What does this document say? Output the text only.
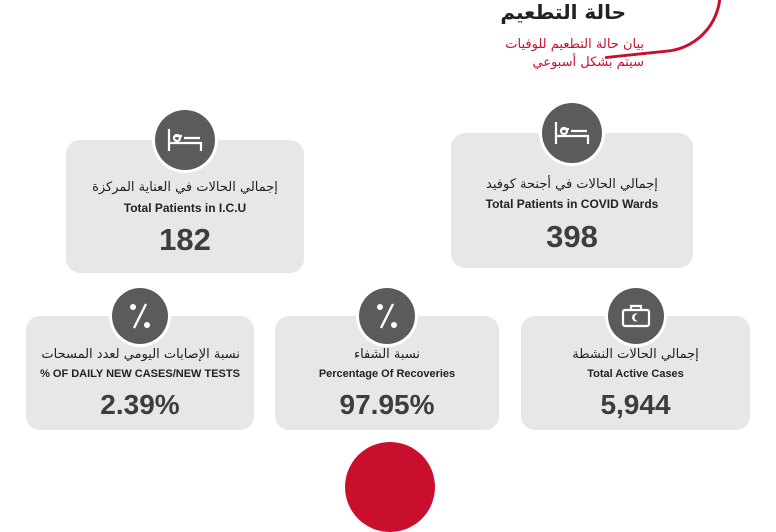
حالة التطعيم
بيان حالة التطعيم للوفيات
سيتم بشكل أسبوعي
إجمالي الحالات في العناية المركزة
Total Patients in I.C.U
182
إجمالي الحالات في أجنحة كوفيد
Total Patients in COVID Wards
398
نسبة الإصابات اليومي لعدد المسحات
% OF DAILY NEW CASES/NEW TESTS
2.39%
نسبة الشفاء
Percentage Of Recoveries
97.95%
إجمالي الحالات النشطة
Total Active Cases
5,944
